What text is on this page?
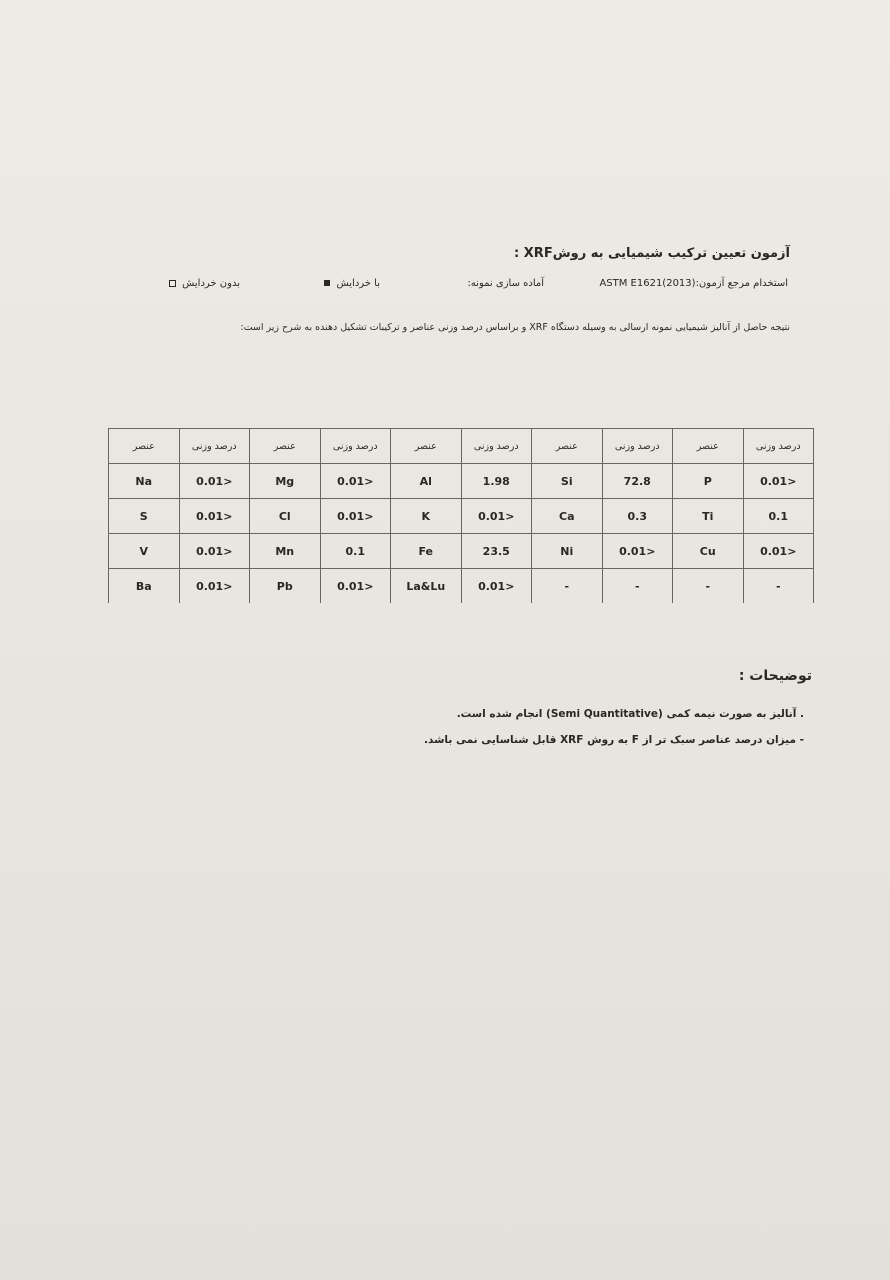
آزمون تعیین ترکیب شیمیایی به روشXRF :
استخدام مرجع آزمون:ASTM E1621(2013)
آماده سازی نمونه:
با خردایش
بدون خردایش
نتیجه حاصل از آنالیز شیمیایی نمونه ارسالی به وسیله دستگاه XRF و براساس درصد وزنی عناصر و ترکیبات تشکیل دهنده به شرح زیر است:
درصد وزنی	عنصر	درصد وزنی	عنصر	درصد وزنی	عنصر	درصد وزنی	عنصر	درصد وزنی	عنصر
<0.01	P	72.8	Si	1.98	Al	<0.01	Mg	<0.01	Na
0.1	Ti	0.3	Ca	<0.01	K	<0.01	Cl	<0.01	S
<0.01	Cu	<0.01	Ni	23.5	Fe	0.1	Mn	<0.01	V
-	-	-	-	<0.01	La&Lu	<0.01	Pb	<0.01	Ba
توضیحات :
. آنالیز به صورت نیمه کمی (Semi Quantitative) انجام شده است.
- میزان درصد عناصر سبک تر از F به روش XRF قابل شناسایی نمی باشد.
